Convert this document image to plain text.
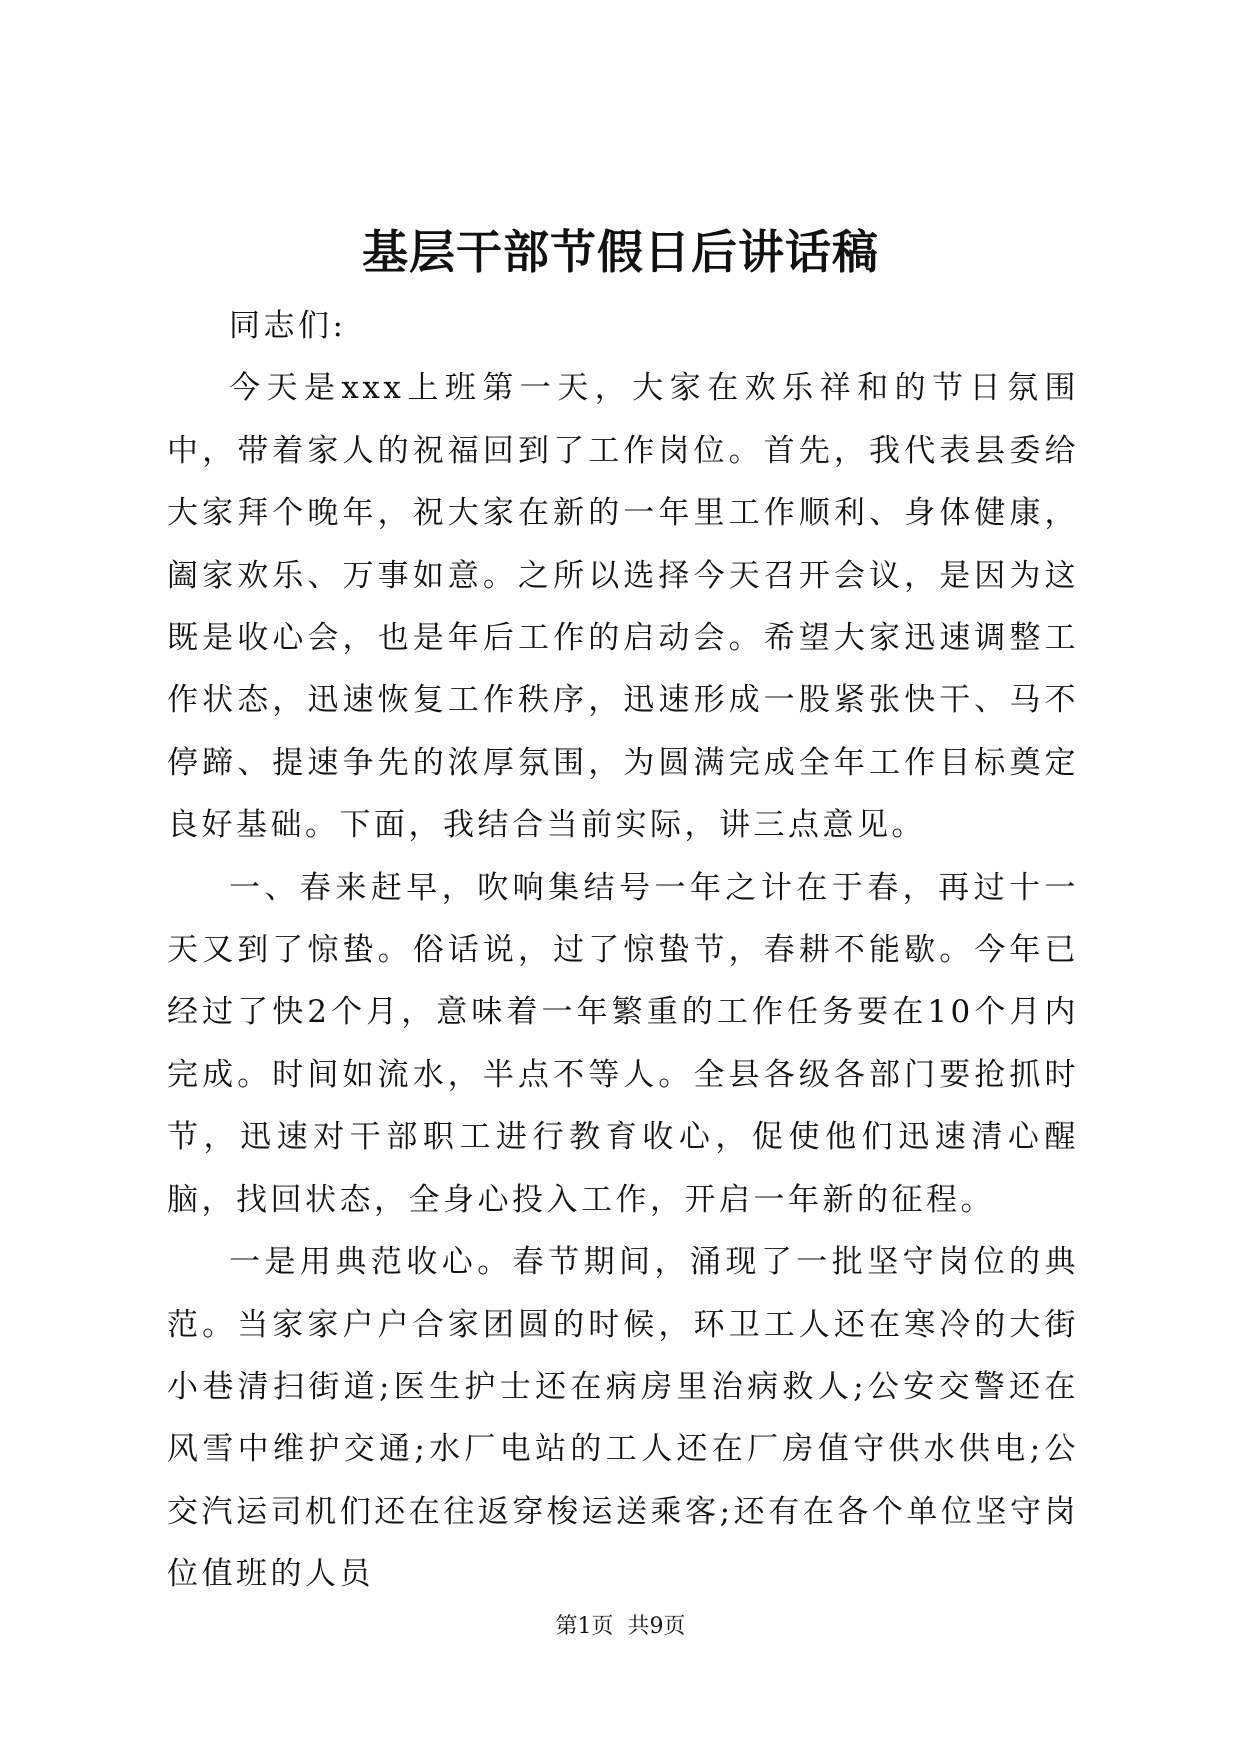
基层干部节假日后讲话稿

同志们:

今天是xxx上班第一天，大家在欢乐祥和的节日氛围中，带着家人的祝福回到了工作岗位。首先，我代表县委给大家拜个晚年，祝大家在新的一年里工作顺利、身体健康，阖家欢乐、万事如意。之所以选择今天召开会议，是因为这既是收心会，也是年后工作的启动会。希望大家迅速调整工作状态，迅速恢复工作秩序，迅速形成一股紧张快干、马不停蹄、提速争先的浓厚氛围，为圆满完成全年工作目标奠定良好基础。下面，我结合当前实际，讲三点意见。

一、春来赶早，吹响集结号一年之计在于春，再过十一天又到了惊蛰。俗话说，过了惊蛰节，春耕不能歇。今年已经过了快2个月，意味着一年繁重的工作任务要在10个月内完成。时间如流水，半点不等人。全县各级各部门要抢抓时节，迅速对干部职工进行教育收心，促使他们迅速清心醒脑，找回状态，全身心投入工作，开启一年新的征程。

一是用典范收心。春节期间，涌现了一批坚守岗位的典范。当家家户户合家团圆的时候，环卫工人还在寒冷的大街小巷清扫街道;医生护士还在病房里治病救人;公安交警还在风雪中维护交通;水厂电站的工人还在厂房值守供水供电;公交汽运司机们还在往返穿梭运送乘客;还有在各个单位坚守岗位值班的人员

第1页 共9页
